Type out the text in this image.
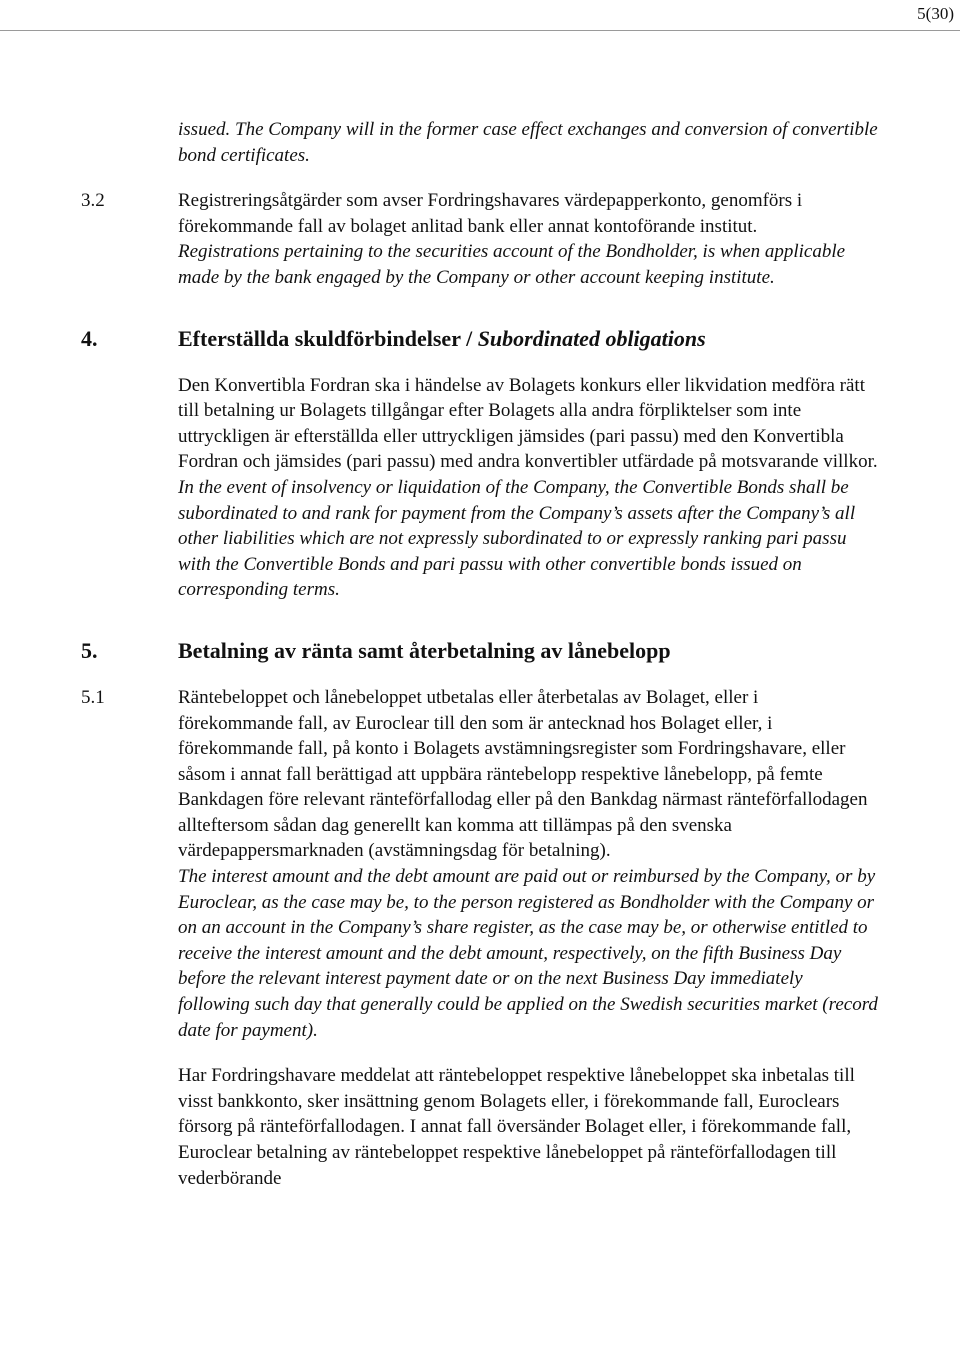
5(30)

issued. The Company will in the former case effect exchanges and conversion of convertible bond certificates.

3.2	Registreringsåtgärder som avser Fordringshavares värdepapperkonto, genomförs i förekommande fall av bolaget anlitad bank eller annat kontoförande institut.

Registrations pertaining to the securities account of the Bondholder, is when applicable made by the bank engaged by the Company or other account keeping institute.

4.	Efterställda skuldförbindelser / Subordinated obligations

Den Konvertibla Fordran ska i händelse av Bolagets konkurs eller likvidation medföra rätt till betalning ur Bolagets tillgångar efter Bolagets alla andra förpliktelser som inte uttryckligen är efterställda eller uttryckligen jämsides (pari passu) med den Konvertibla Fordran och jämsides (pari passu) med andra konvertibler utfärdade på motsvarande villkor.

In the event of insolvency or liquidation of the Company, the Convertible Bonds shall be subordinated to and rank for payment from the Company’s assets after the Company’s all other liabilities which are not expressly subordinated to or expressly ranking pari passu with the Convertible Bonds and pari passu with other convertible bonds issued on corresponding terms.

5.	Betalning av ränta samt återbetalning av lånebelopp
5.1	Räntebeloppet och lånebeloppet utbetalas eller återbetalas av Bolaget, eller i förekommande fall, av Euroclear till den som är antecknad hos Bolaget eller, i förekommande fall, på konto i Bolagets avstämningsregister som Fordringshavare, eller såsom i annat fall berättigad att uppbära räntebelopp respektive lånebelopp, på femte Bankdagen före relevant ränteförfallodag eller på den Bankdag närmast ränteförfallodagen allteftersom sådan dag generellt kan komma att tillämpas på den svenska värdepappersmarknaden (avstämningsdag för betalning).

The interest amount and the debt amount are paid out or reimbursed by the Company, or by Euroclear, as the case may be, to the person registered as Bondholder with the Company or on an account in the Company’s share register, as the case may be, or otherwise entitled to receive the interest amount and the debt amount, respectively, on the fifth Business Day before the relevant interest payment date or on the next Business Day immediately following such day that generally could be applied on the Swedish securities market (record date for payment).

Har Fordringshavare meddelat att räntebeloppet respektive lånebeloppet ska inbetalas till visst bankkonto, sker insättning genom Bolagets eller, i förekommande fall, Euroclears försorg på ränteförfallodagen. I annat fall översänder Bolaget eller, i förekommande fall, Euroclear betalning av räntebeloppet respektive lånebeloppet på ränteförfallodagen till vederbörande
